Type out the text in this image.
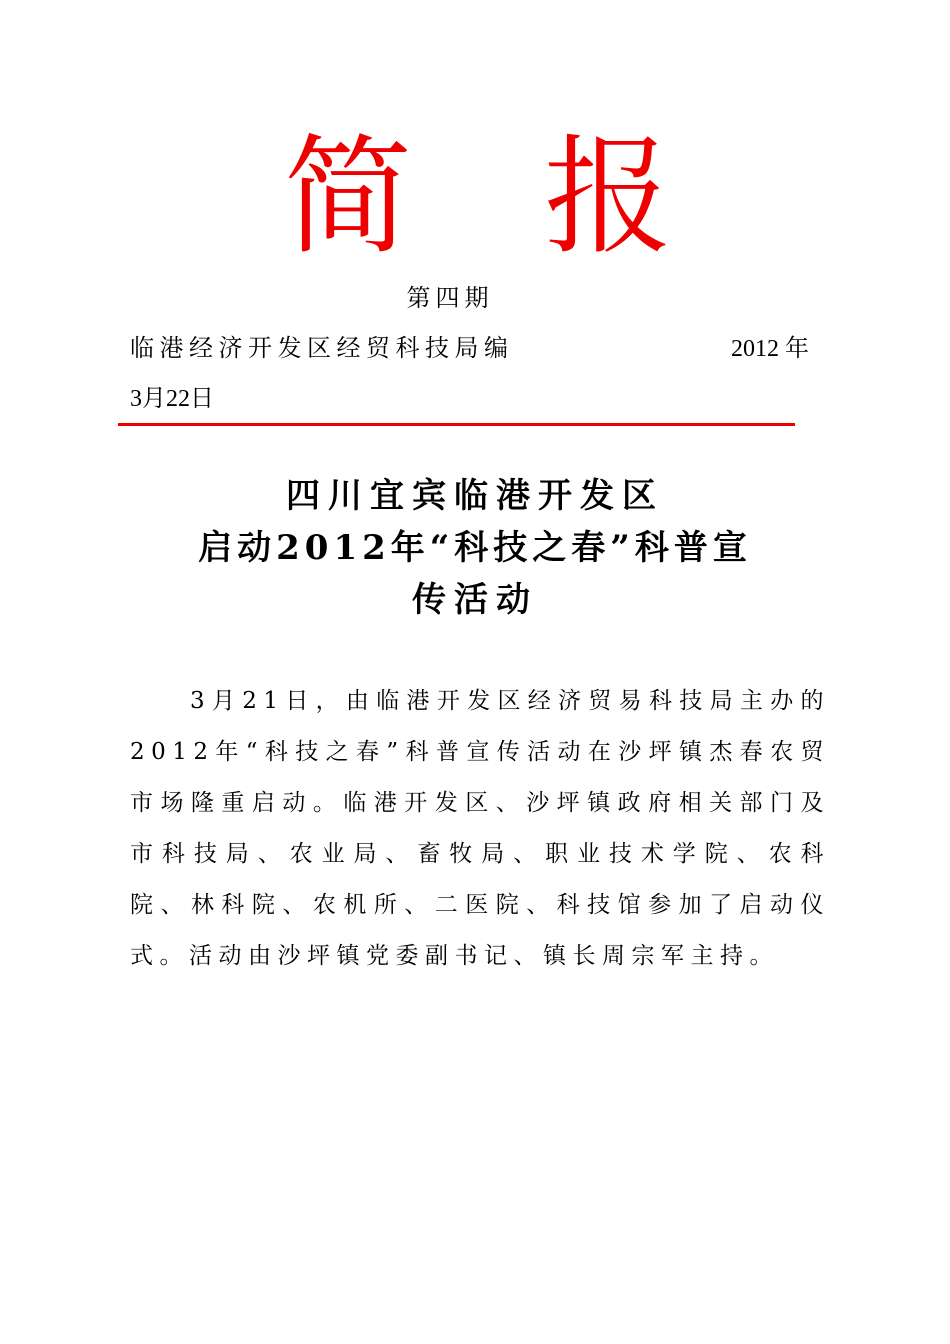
简 报
第四期
临港经济开发区经贸科技局编	2012 年
3月22日
四川宜宾临港开发区
启动2012年“科技之春”科普宣
传活动
3月21日，由临港开发区经济贸易科技局主办的2012年“科技之春”科普宣传活动在沙坪镇杰春农贸市场隆重启动。临港开发区、沙坪镇政府相关部门及市科技局、农业局、畜牧局、职业技术学院、农科院、林科院、农机所、二医院、科技馆参加了启动仪式。活动由沙坪镇党委副书记、镇长周宗军主持。
